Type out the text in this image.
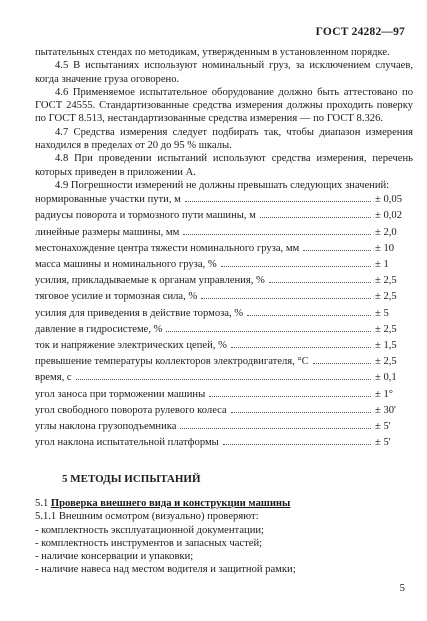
ГОСТ 24282—97

пытательных стендах по методикам, утвержденным в установленном порядке.

4.5 В испытаниях используют номинальный груз, за исключением случаев, когда значение груза оговорено.

4.6 Применяемое испытательное оборудование должно быть аттестовано по ГОСТ 24555. Стандартизованные средства измерения должны проходить поверку по ГОСТ 8.513, нестандартизованные средства измерения — по ГОСТ 8.326.

4.7 Средства измерения следует подбирать так, чтобы диапазон измерения находился в пределах от 20 до 95 % шкалы.

4.8 При проведении испытаний используют средства измерения, перечень которых приведен в приложении А.

4.9 Погрешности измерений не должны превышать следующих значений:

нормированные участки пути, м	± 0,05
радиусы поворота и тормозного пути машины, м	± 0,02
линейные размеры машины, мм	± 2,0
местонахождение центра тяжести номинального груза, мм	± 10
масса машины и номинального груза, %	± 1
усилия, прикладываемые к органам управления, %	± 2,5
тяговое усилие и тормозная сила, %	± 2,5
усилия для приведения в действие тормоза, %	± 5
давление в гидросистеме, %	± 2,5
ток и напряжение электрических цепей, %	± 1,5
превышение температуры коллекторов электродвигателя, °С	± 2,5
время, с	± 0,1
угол заноса при торможении машины	± 1°
угол свободного поворота рулевого колеса	± 30'
углы наклона грузоподъемника	± 5'
угол наклона испытательной платформы	± 5'
5 МЕТОДЫ ИСПЫТАНИЙ

5.1 Проверка внешнего вида и конструкции машины

5.1.1 Внешним осмотром (визуально) проверяют:

- комплектность эксплуатационной документации;

- комплектность инструментов и запасных частей;

- наличие консервации и упаковки;

- наличие навеса над местом водителя и защитной рамки;

5
